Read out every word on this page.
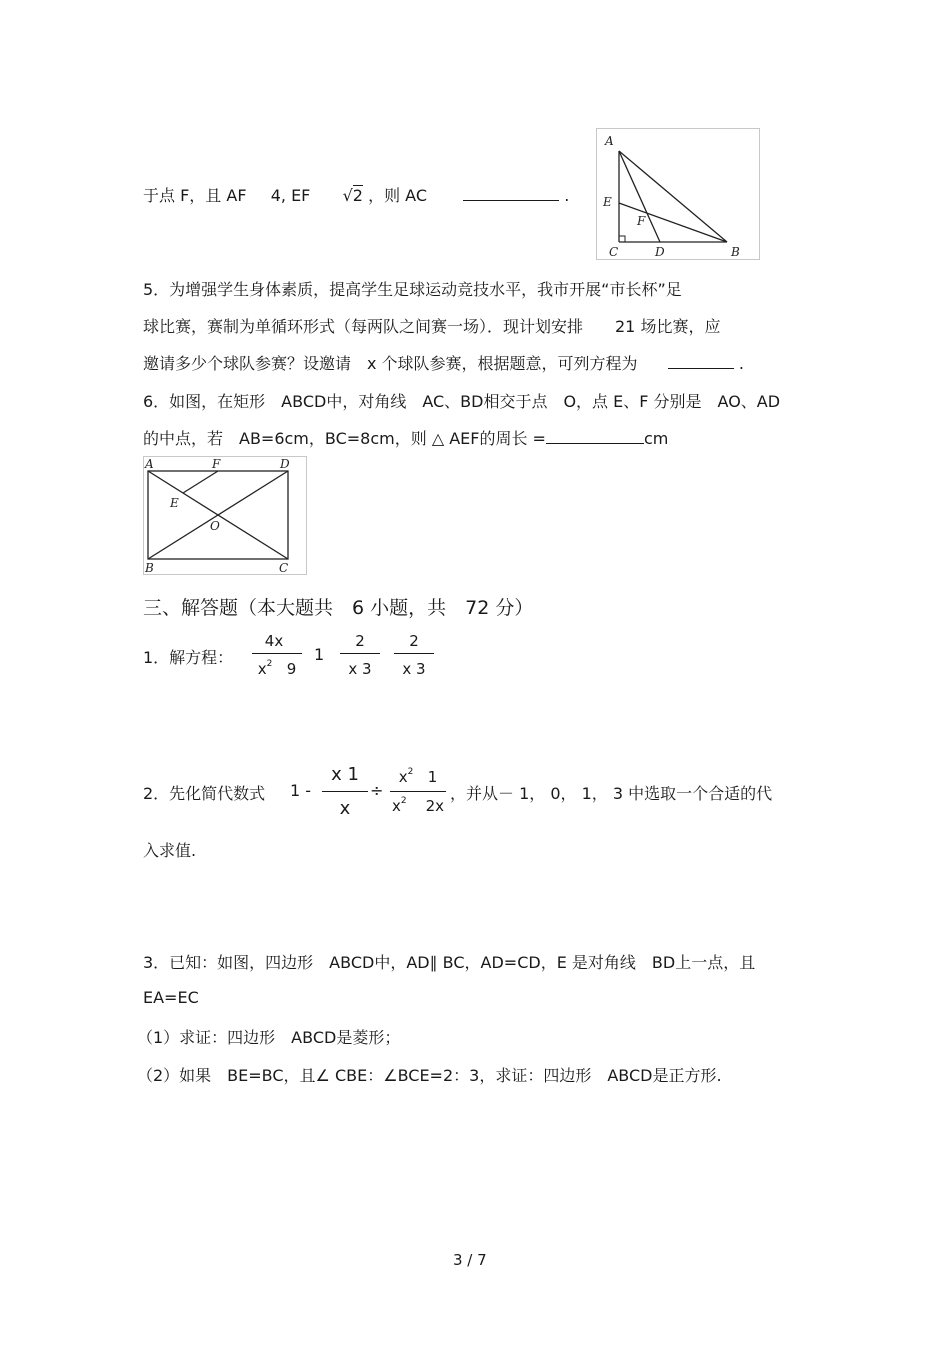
于点 F，且 AF 4, EF √2 ，则 AC	.
A
E
F
C	D	B
5．为增强学生身体素质，提高学生足球运动竞技水平，我市开展“市长杯”足
球比赛，赛制为单循环形式（每两队之间赛一场）．现计划安排　　21 场比赛，应
邀请多少个球队参赛？设邀请　x 个球队参赛，根据题意，可列方程为	.
6．如图，在矩形　ABCD中，对角线　AC、BD相交于点　O，点 E、F 分别是　AO、AD
的中点，若　AB=6cm，BC=8cm，则 △ AEF的周长 =	cm
A	F	D
E
O
B	C
三、解答题（本大题共　6 小题，共　72 分）
1．解方程：
4x
$x^2$ 9
1
2
x 3
2
x 3
2．先化简代数式 1 -
x 1
x
÷
$x^2$ 1
$x^2$ 2x
，并从－ 1， 0， 1， 3 中选取一个合适的代
入求值.
3．已知：如图，四边形　ABCD中，AD∥ BC，AD=CD，E 是对角线　BD上一点，且
EA=EC
（1）求证：四边形　ABCD是菱形；
（2）如果　BE=BC，且∠ CBE：∠BCE=2：3，求证：四边形　ABCD是正方形.
3 / 7
